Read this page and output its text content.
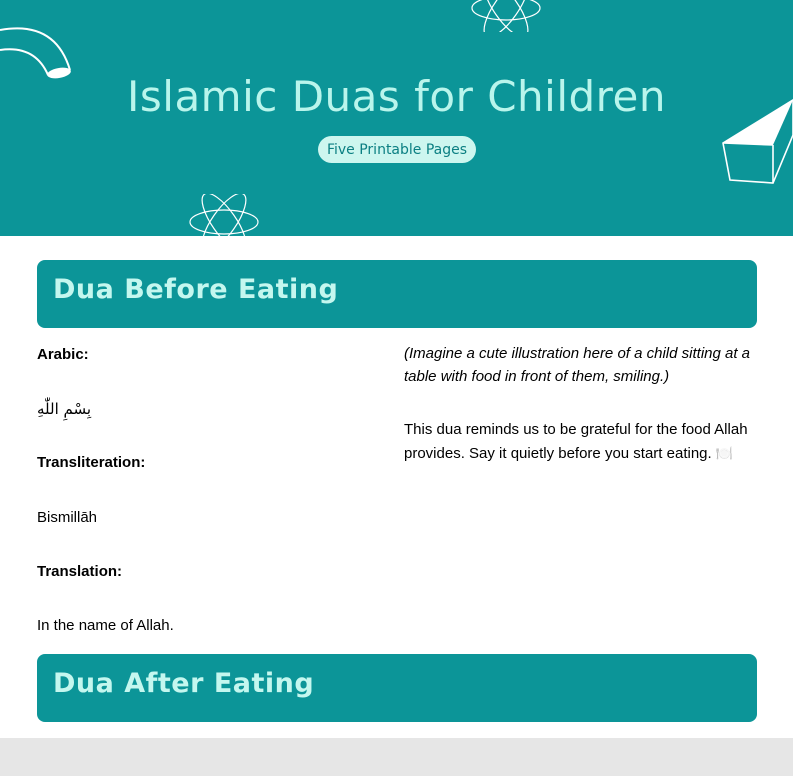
Islamic Duas for Children
Five Printable Pages
Dua Before Eating
Arabic:
بِسْمِ اللّٰهِ
Transliteration:
Bismillāh
Translation:
In the name of Allah.
(Imagine a cute illustration here of a child sitting at a table with food in front of them, smiling.)
This dua reminds us to be grateful for the food Allah provides. Say it quietly before you start eating. 🍽️
Dua After Eating
